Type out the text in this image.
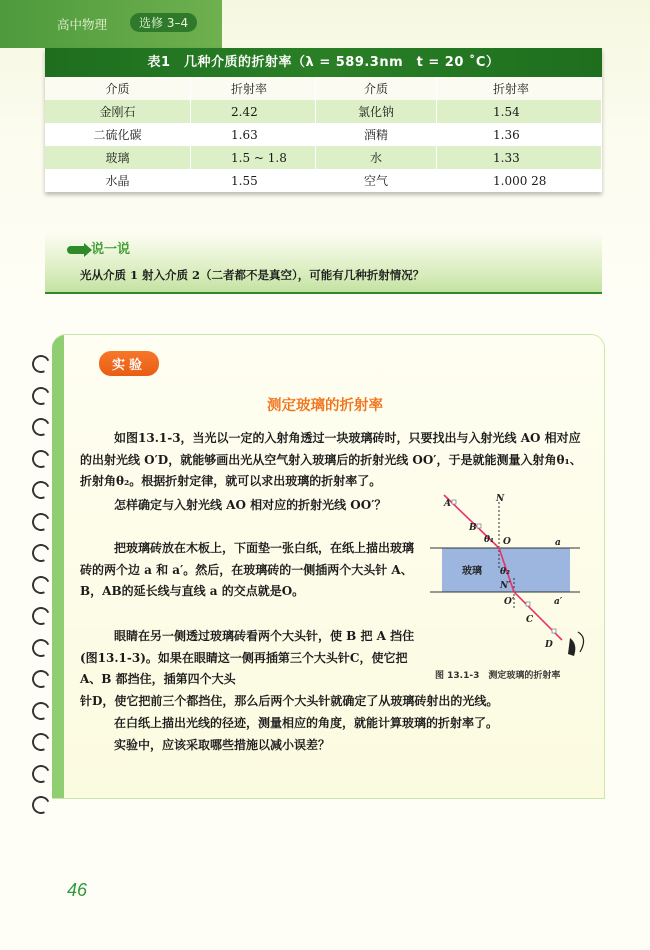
高中物理	选修 3–4
表1　几种介质的折射率（λ = 589.3nm　t = 20 ˚C）
介质	折射率	介质	折射率
金刚石	2.42	氯化钠	1.54
二硫化碳	1.63	酒精	1.36
玻璃	1.5 ~ 1.8	水	1.33
水晶	1.55	空气	1.000 28
说一说
光从介质 1 射入介质 2（二者都不是真空），可能有几种折射情况？
实验
测定玻璃的折射率
如图13.1-3，当光以一定的入射角透过一块玻璃砖时，只要找出与入射光线 AO 相对应的出射光线 O′D，就能够画出光从空气射入玻璃后的折射光线 OO′，于是就能测量入射角θ₁、折射角θ₂。根据折射定律，就可以求出玻璃的折射率了。
怎样确定与入射光线 AO 相对应的折射光线 OO′？
把玻璃砖放在木板上，下面垫一张白纸，在纸上描出玻璃砖的两个边 a 和 a′。然后，在玻璃砖的一侧插两个大头针 A、B，AB的延长线与直线 a 的交点就是O。
眼睛在另一侧透过玻璃砖看两个大头针，使 B 把 A 挡住(图13.1-3)。如果在眼睛这一侧再插第三个大头针C，使它把 A、B 都挡住，插第四个大头
针D，使它把前三个都挡住，那么后两个大头针就确定了从玻璃砖射出的光线。
在白纸上描出光线的径迹，测量相应的角度，就能计算玻璃的折射率了。
实验中，应该采取哪些措施以减小误差？
A
B
N
O	a
θ₁
θ₂
N′
O′	a′
C
D
玻璃
图 13.1-3　测定玻璃的折射率
46
